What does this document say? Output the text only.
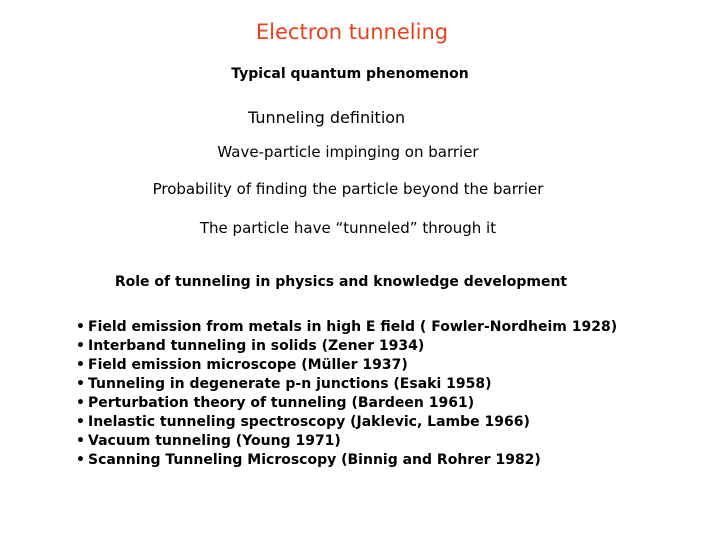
Electron tunneling
Typical quantum phenomenon
Tunneling definition
Wave-particle impinging on barrier
Probability of finding the particle beyond the barrier
The particle have “tunneled” through it
Role of tunneling in physics and knowledge development
• Field emission from metals in high E field ( Fowler-Nordheim 1928)
• Interband tunneling in solids (Zener 1934)
• Field emission microscope (Müller 1937)
• Tunneling in degenerate p-n junctions (Esaki 1958)
• Perturbation theory of tunneling (Bardeen 1961)
• Inelastic tunneling spectroscopy (Jaklevic, Lambe 1966)
• Vacuum tunneling (Young 1971)
• Scanning Tunneling Microscopy (Binnig and Rohrer 1982)
